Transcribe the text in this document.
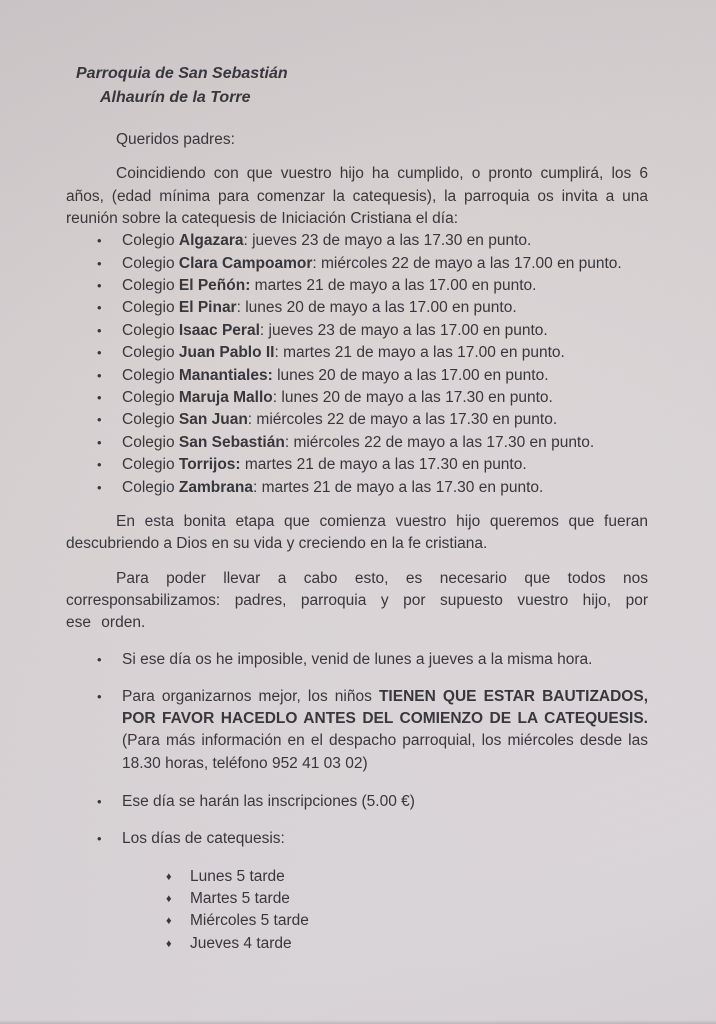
Parroquia de San Sebastián
Alhaurín de la Torre
Queridos padres:

Coincidiendo con que vuestro hijo ha cumplido, o pronto cumplirá, los 6 años, (edad mínima para comenzar la catequesis), la parroquia os invita a una reunión sobre la catequesis de Iniciación Cristiana el día:

•	Colegio Algazara: jueves 23 de mayo a las 17.30 en punto.
•	Colegio Clara Campoamor: miércoles 22 de mayo a las 17.00 en punto.
•	Colegio El Peñón: martes 21 de mayo a las 17.00 en punto.
•	Colegio El Pinar: lunes 20 de mayo a las 17.00 en punto.
•	Colegio Isaac Peral: jueves 23 de mayo a las 17.00 en punto.
•	Colegio Juan Pablo II: martes 21 de mayo a las 17.00 en punto.
•	Colegio Manantiales: lunes 20 de mayo a las 17.00 en punto.
•	Colegio Maruja Mallo: lunes 20 de mayo a las 17.30 en punto.
•	Colegio San Juan: miércoles 22 de mayo a las 17.30 en punto.
•	Colegio San Sebastián: miércoles 22 de mayo a las 17.30 en punto.
•	Colegio Torrijos: martes 21 de mayo a las 17.30 en punto.
•	Colegio Zambrana: martes 21 de mayo a las 17.30 en punto.

En esta bonita etapa que comienza vuestro hijo queremos que fueran descubriendo a Dios en su vida y creciendo en la fe cristiana.

Para poder llevar a cabo esto, es necesario que todos nos corresponsabilizamos: padres, parroquia y por supuesto vuestro hijo, por ese orden.

•	Si ese día os he imposible, venid de lunes a jueves a la misma hora.
•	Para organizarnos mejor, los niños TIENEN QUE ESTAR BAUTIZADOS, POR FAVOR HACEDLO ANTES DEL COMIENZO DE LA CATEQUESIS. (Para más información en el despacho parroquial, los miércoles desde las 18.30 horas, teléfono 952 41 03 02)
•	Ese día se harán las inscripciones (5.00 €)
•	Los días de catequesis:
♦	Lunes 5 tarde
♦	Martes 5 tarde
♦	Miércoles 5 tarde
♦	Jueves 4 tarde
